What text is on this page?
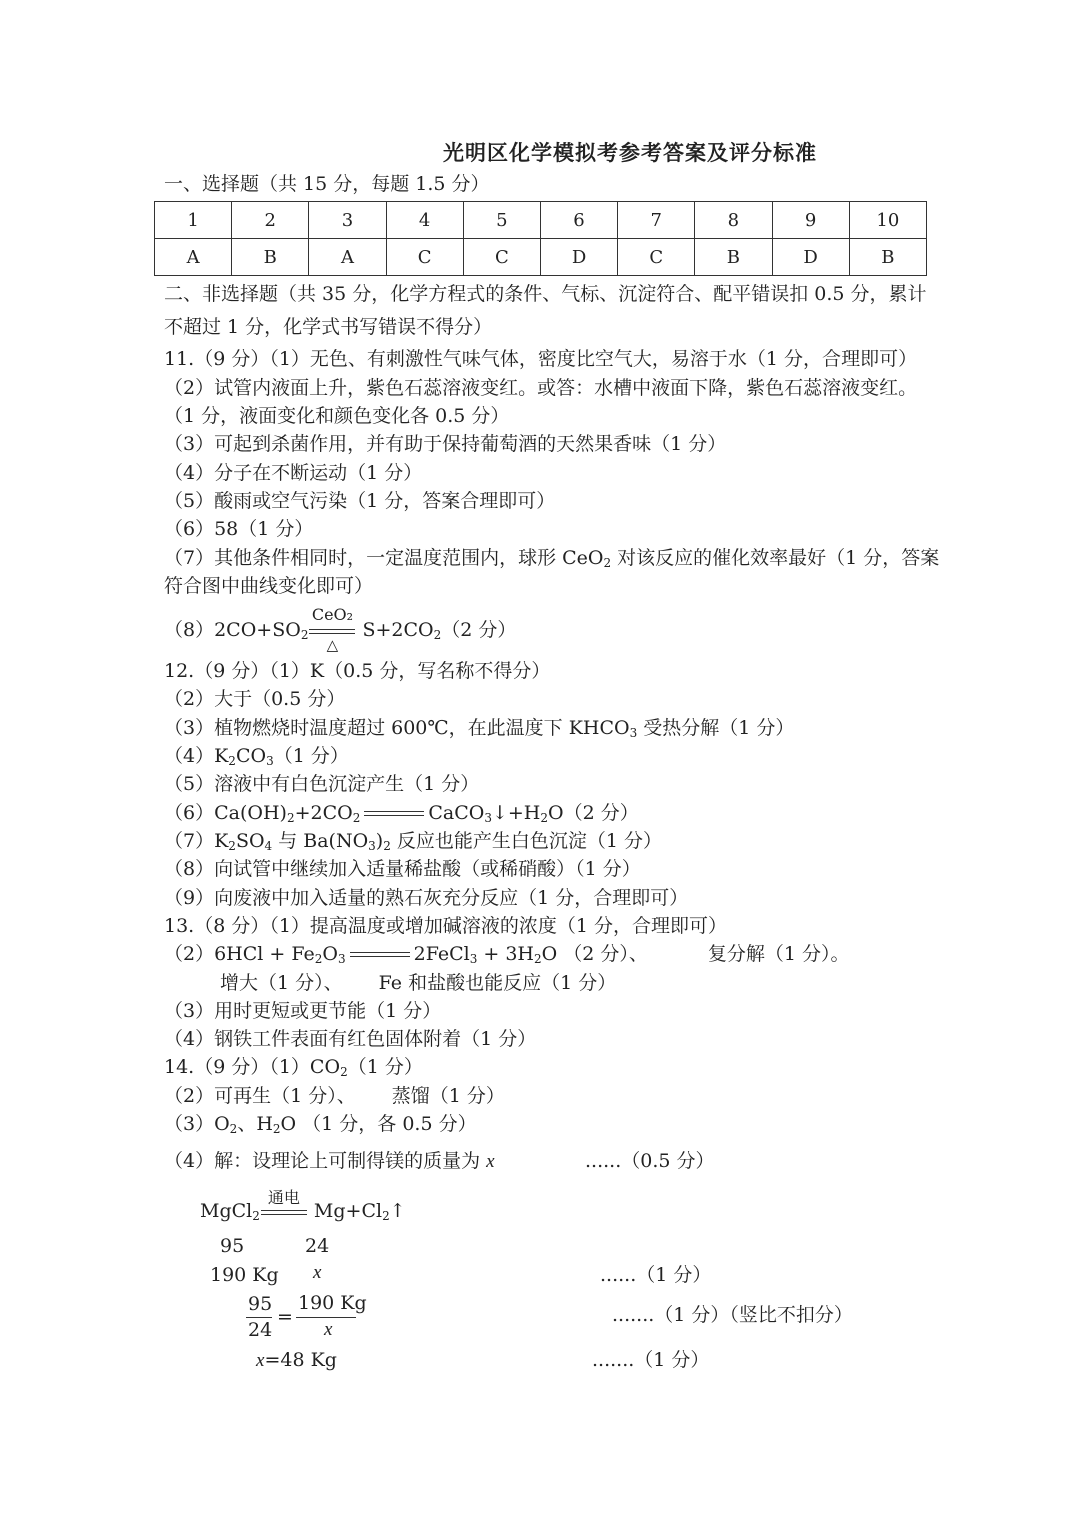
光明区化学模拟考参考答案及评分标准
一、选择题（共 15 分，每题 1.5 分）
1	2	3	4	5	6	7	8	9	10
A	B	A	C	C	D	C	B	D	B
二、非选择题（共 35 分，化学方程式的条件、气标、沉淀符合、配平错误扣 0.5 分，累计
不超过 1 分，化学式书写错误不得分）
11.（9 分）（1）无色、有刺激性气味气体，密度比空气大，易溶于水（1 分，合理即可）
（2）试管内液面上升，紫色石蕊溶液变红。或答：水槽中液面下降，紫色石蕊溶液变红。
（1 分，液面变化和颜色变化各 0.5 分）
（3）可起到杀菌作用，并有助于保持葡萄酒的天然果香味（1 分）
（4）分子在不断运动（1 分）
（5）酸雨或空气污染（1 分，答案合理即可）
（6）58（1 分）
（7）其他条件相同时，一定温度范围内，球形 CeO$_2$ 对该反应的催化效率最好（1 分，答案
符合图中曲线变化即可）
$(8)2CO+SO_2$
CeO₂
△
$S+2CO_2(2$ 分）
12.（9 分）（1）K（0.5 分，写名称不得分）
（2）大于（0.5 分）
（3）植物燃烧时温度超过 600℃，在此温度下 $KHCO_3$ 受热分解（1 分）
$(4)K_2CO_3(1$ 分）
（5）溶液中有白色沉淀产生（1 分）
$(6)Ca(OH)_2+2CO_2$	$CaCO_3↓+H_2O(2$ 分）
$(7)K_2SO_4$ 与 $Ba(NO_3)_2$ 反应也能产生白色沉淀（1 分）
（8）向试管中继续加入适量稀盐酸（或稀硝酸）（1 分）
（9）向废液中加入适量的熟石灰充分反应（1 分，合理即可）
13.（8 分）（1）提高温度或增加碱溶液的浓度（1 分，合理即可）
$(2)6HCl + Fe_2O_3$	2FeCl$_3$ + $3H_2O$ （2 分）、	复分解（1 分）。
增大（1 分）、 Fe 和盐酸也能反应（1 分）
（3）用时更短或更节能（1 分）
（4）钢铁工件表面有红色固体附着（1 分）
14.（9 分）$(1)CO_2(1$ 分）
（2）可再生（1 分）、 蒸馏（1 分）
$(3)O_2$、$H_2O$ （1 分，各 0.5 分）
（4）解：设理论上可制得镁的质量为 x	......（0.5 分）
MgCl$_2$
通电
$Mg+Cl_2↑$
95	24
190 Kg x	......（1 分）
95
24
=
190 Kg
x
.......（1 分）（竖比不扣分）
x=48 Kg	.......（1 分）
